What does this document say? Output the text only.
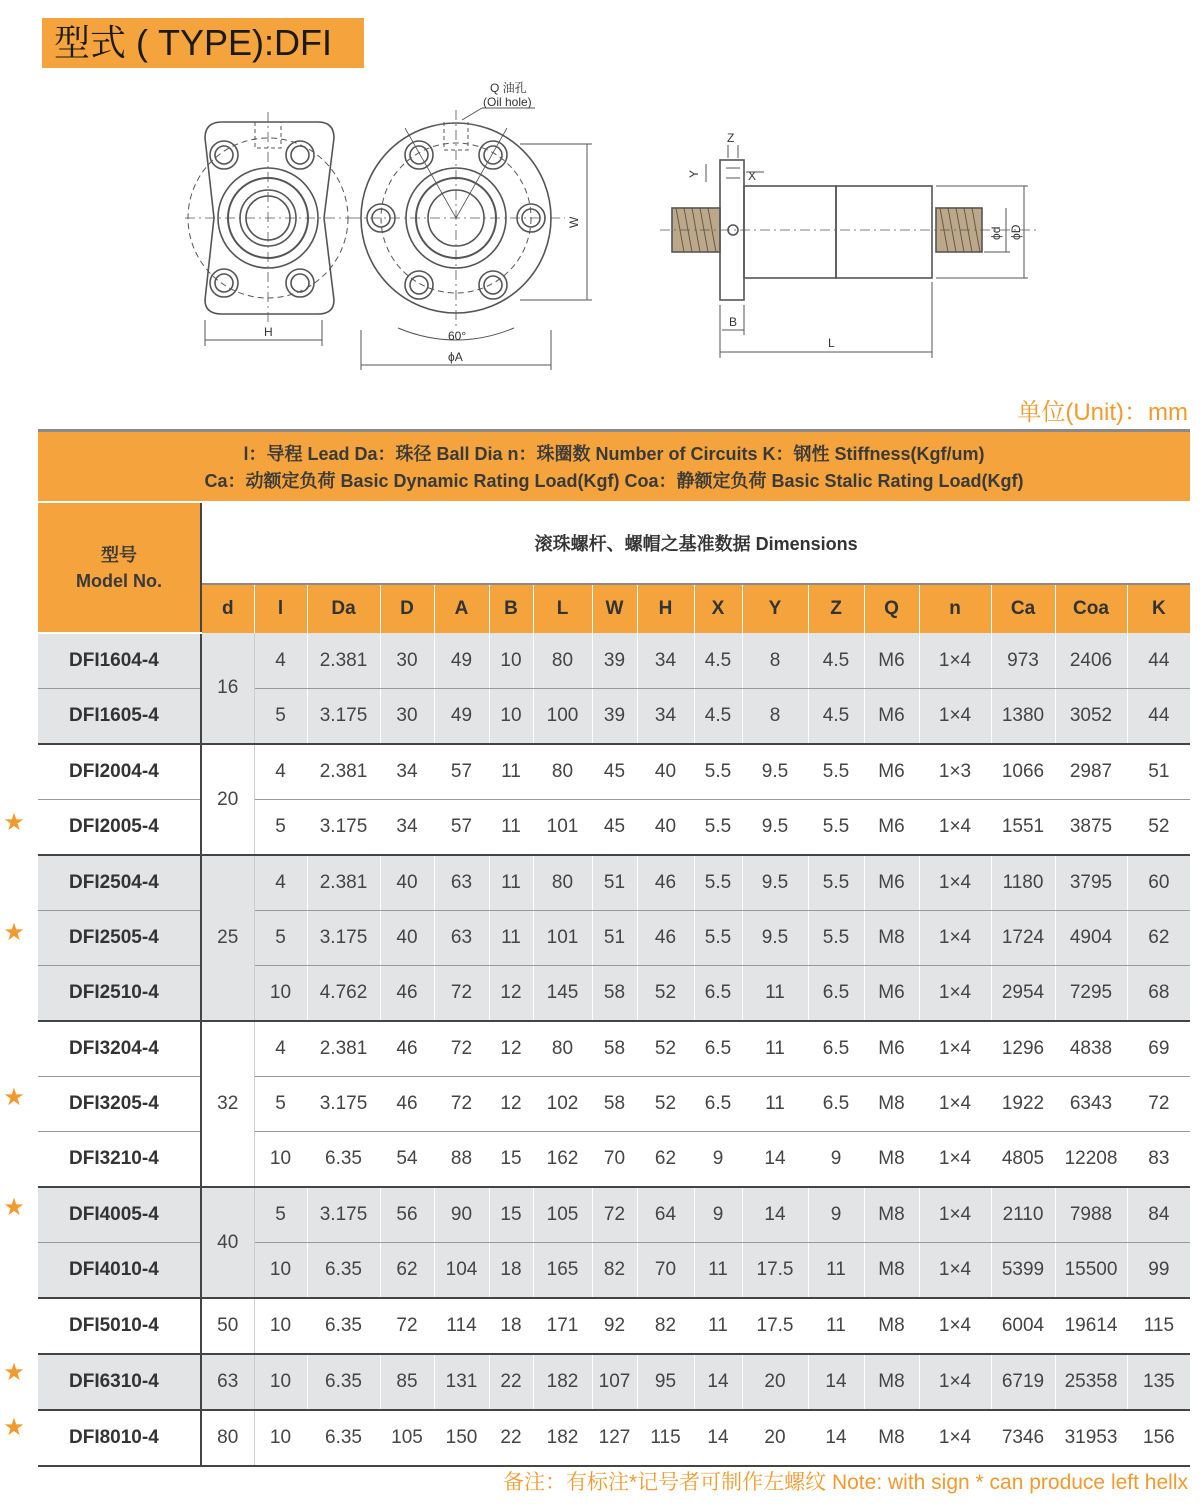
型式 ( TYPE):DFI
Q 油孔
(Oil hole)
H
W
60°
ϕA
Z
Y	X
ϕd ϕD
B
L
单位(Unit)：mm
l：导程 Lead Da：珠径 Ball Dia n：珠圈数 Number of Circuits K：钢性 Stiffness(Kgf/um)
Ca：动额定负荷 Basic Dynamic Rating Load(Kgf) Coa：静额定负荷 Basic Stalic Rating Load(Kgf)
型号
Model No.	滚珠螺杆、螺帽之基准数据 Dimensions																
	d	l	Da	D	A	B	L	W	H	X	Y	Z	Q	n	Ca	Coa	K
DFI1604-4	16	4	2.381	30	49	10	80	39	34	4.5	8	4.5	M6	1×4	973	2406	44
DFI1605-4		5	3.175	30	49	10	100	39	34	4.5	8	4.5	M6	1×4	1380	3052	44
DFI2004-4	20	4	2.381	34	57	11	80	45	40	5.5	9.5	5.5	M6	1×3	1066	2987	51
DFI2005-4		5	3.175	34	57	11	101	45	40	5.5	9.5	5.5	M6	1×4	1551	3875	52
DFI2504-4	25	4	2.381	40	63	11	80	51	46	5.5	9.5	5.5	M6	1×4	1180	3795	60
DFI2505-4		5	3.175	40	63	11	101	51	46	5.5	9.5	5.5	M8	1×4	1724	4904	62
DFI2510-4		10	4.762	46	72	12	145	58	52	6.5	11	6.5	M6	1×4	2954	7295	68
DFI3204-4	32	4	2.381	46	72	12	80	58	52	6.5	11	6.5	M6	1×4	1296	4838	69
DFI3205-4		5	3.175	46	72	12	102	58	52	6.5	11	6.5	M8	1×4	1922	6343	72
DFI3210-4		10	6.35	54	88	15	162	70	62	9	14	9	M8	1×4	4805	12208	83
DFI4005-4	40	5	3.175	56	90	15	105	72	64	9	14	9	M8	1×4	2110	7988	84
DFI4010-4		10	6.35	62	104	18	165	82	70	11	17.5	11	M8	1×4	5399	15500	99
DFI5010-4	50	10	6.35	72	114	18	171	92	82	11	17.5	11	M8	1×4	6004	19614	115
DFI6310-4	63	10	6.35	85	131	22	182	107	95	14	20	14	M8	1×4	6719	25358	135
DFI8010-4	80	10	6.35	105	150	22	182	127	115	14	20	14	M8	1×4	7346	31953	156
★
★
★
★
★
★
备注：有标注*记号者可制作左螺纹 Note: with sign * can produce left hellx
